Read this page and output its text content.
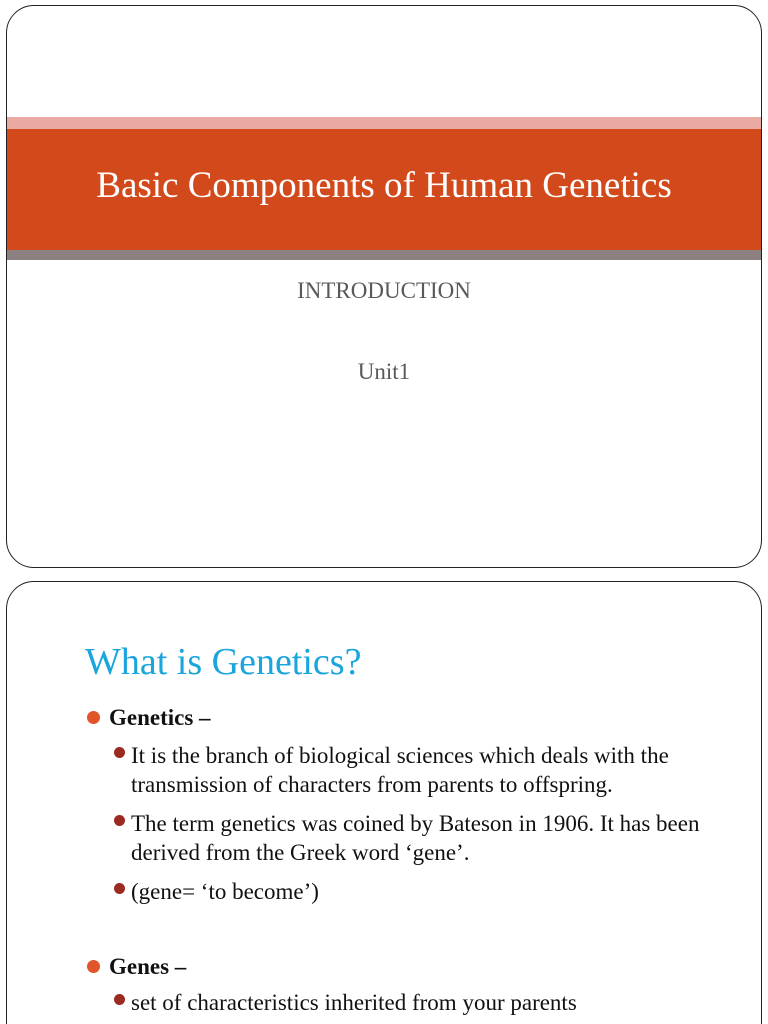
Basic Components of Human Genetics
INTRODUCTION
Unit1
What is Genetics?
Genetics –
It is the branch of biological sciences which deals with the transmission of characters from parents to offspring.
The term genetics was coined by Bateson in 1906. It has been derived from the Greek word ‘gene’.
(gene= ‘to become’)
Genes –
set of characteristics inherited from your parents
